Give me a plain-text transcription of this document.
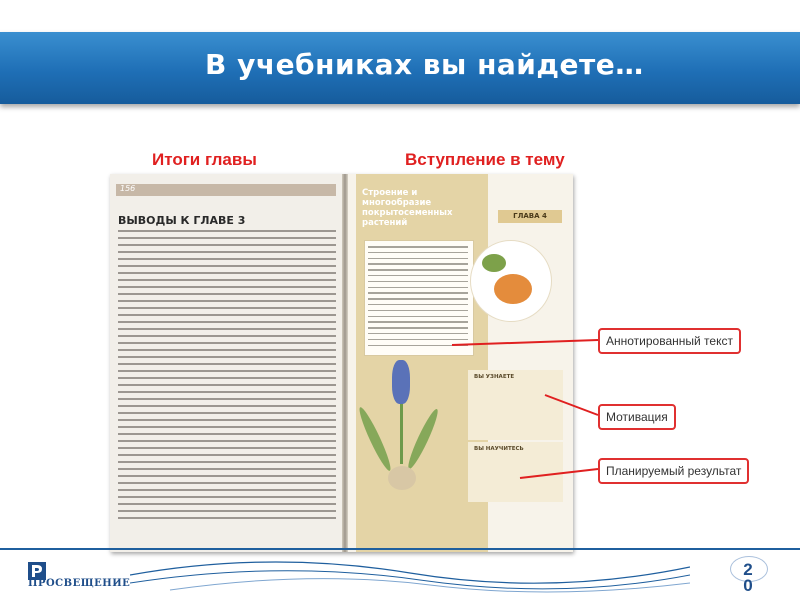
В учебниках вы найдете…
Итоги главы	Вступление в тему
156
ВЫВОДЫ К ГЛАВЕ 3
Строение и многообразие покрытосеменных растений
ГЛАВА 4
ВЫ УЗНАЕТЕ
ВЫ НАУЧИТЕСЬ
Аннотированный текст
Мотивация
Планируемый результат
ПРОСВЕЩЕНИЕ
2
0
